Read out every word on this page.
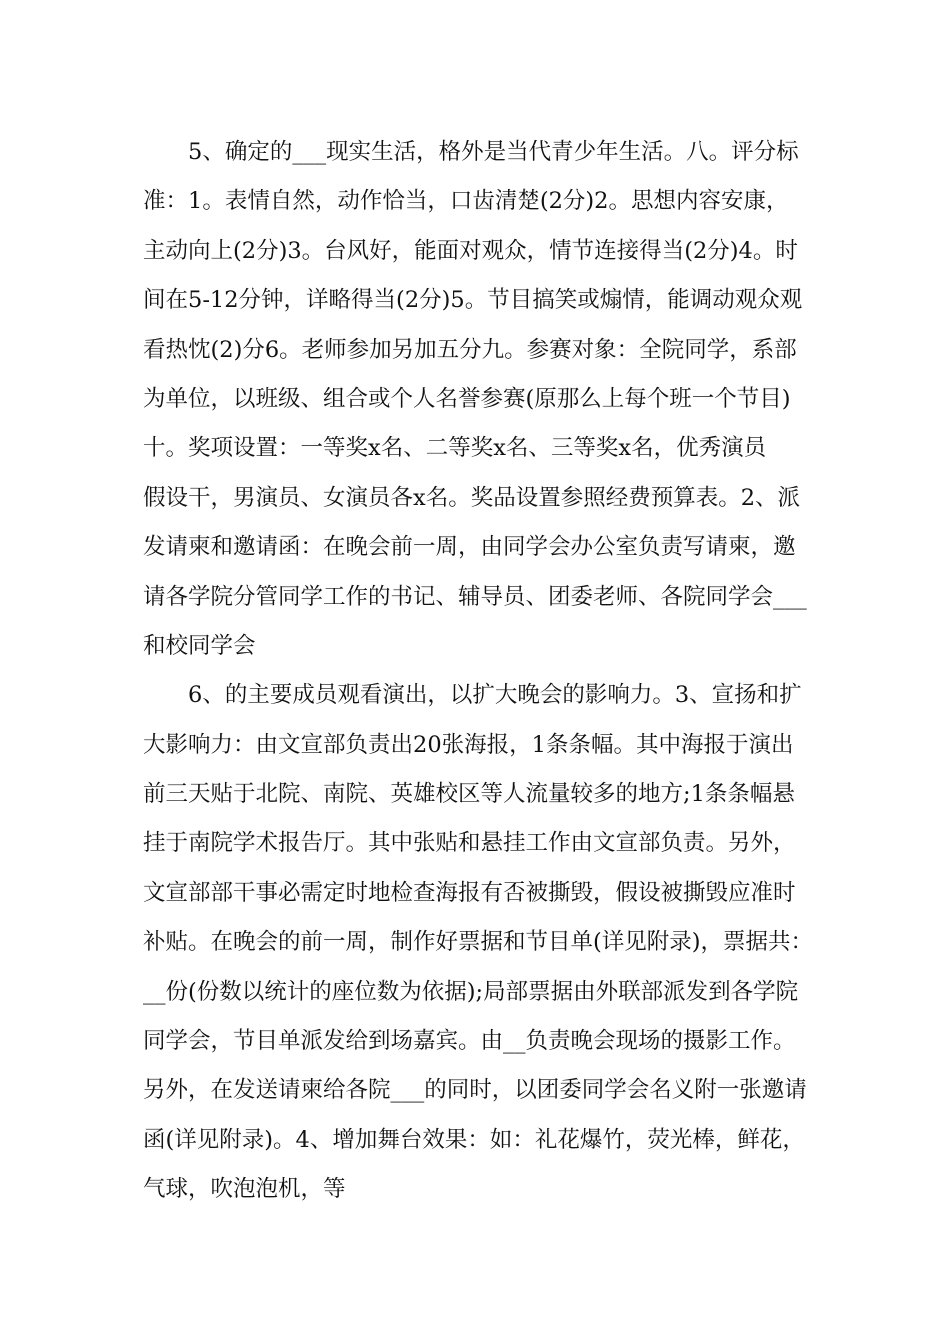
5、确定的___现实生活，格外是当代青少年生活。八。评分标
准：1。表情自然，动作恰当，口齿清楚(2分)2。思想内容安康，
主动向上(2分)3。台风好，能面对观众，情节连接得当(2分)4。时
间在5-12分钟，详略得当(2分)5。节目搞笑或煽情，能调动观众观
看热忱(2)分6。老师参加另加五分九。参赛对象：全院同学，系部
为单位，以班级、组合或个人名誉参赛(原那么上每个班一个节目)
十。奖项设置：一等奖x名、二等奖x名、三等奖x名，优秀演员
假设干，男演员、女演员各x名。奖品设置参照经费预算表。2、派
发请柬和邀请函：在晚会前一周，由同学会办公室负责写请柬，邀
请各学院分管同学工作的书记、辅导员、团委老师、各院同学会___
和校同学会
6、的主要成员观看演出，以扩大晚会的影响力。3、宣扬和扩
大影响力：由文宣部负责出20张海报，1条条幅。其中海报于演出
前三天贴于北院、南院、英雄校区等人流量较多的地方;1条条幅悬
挂于南院学术报告厅。其中张贴和悬挂工作由文宣部负责。另外，
文宣部部干事必需定时地检查海报有否被撕毁，假设被撕毁应准时
补贴。在晚会的前一周，制作好票据和节目单(详见附录)，票据共：
__份(份数以统计的座位数为依据);局部票据由外联部派发到各学院
同学会，节目单派发给到场嘉宾。由__负责晚会现场的摄影工作。
另外，在发送请柬给各院___的同时，以团委同学会名义附一张邀请
函(详见附录)。4、增加舞台效果：如：礼花爆竹，荧光棒，鲜花，
气球，吹泡泡机，等
